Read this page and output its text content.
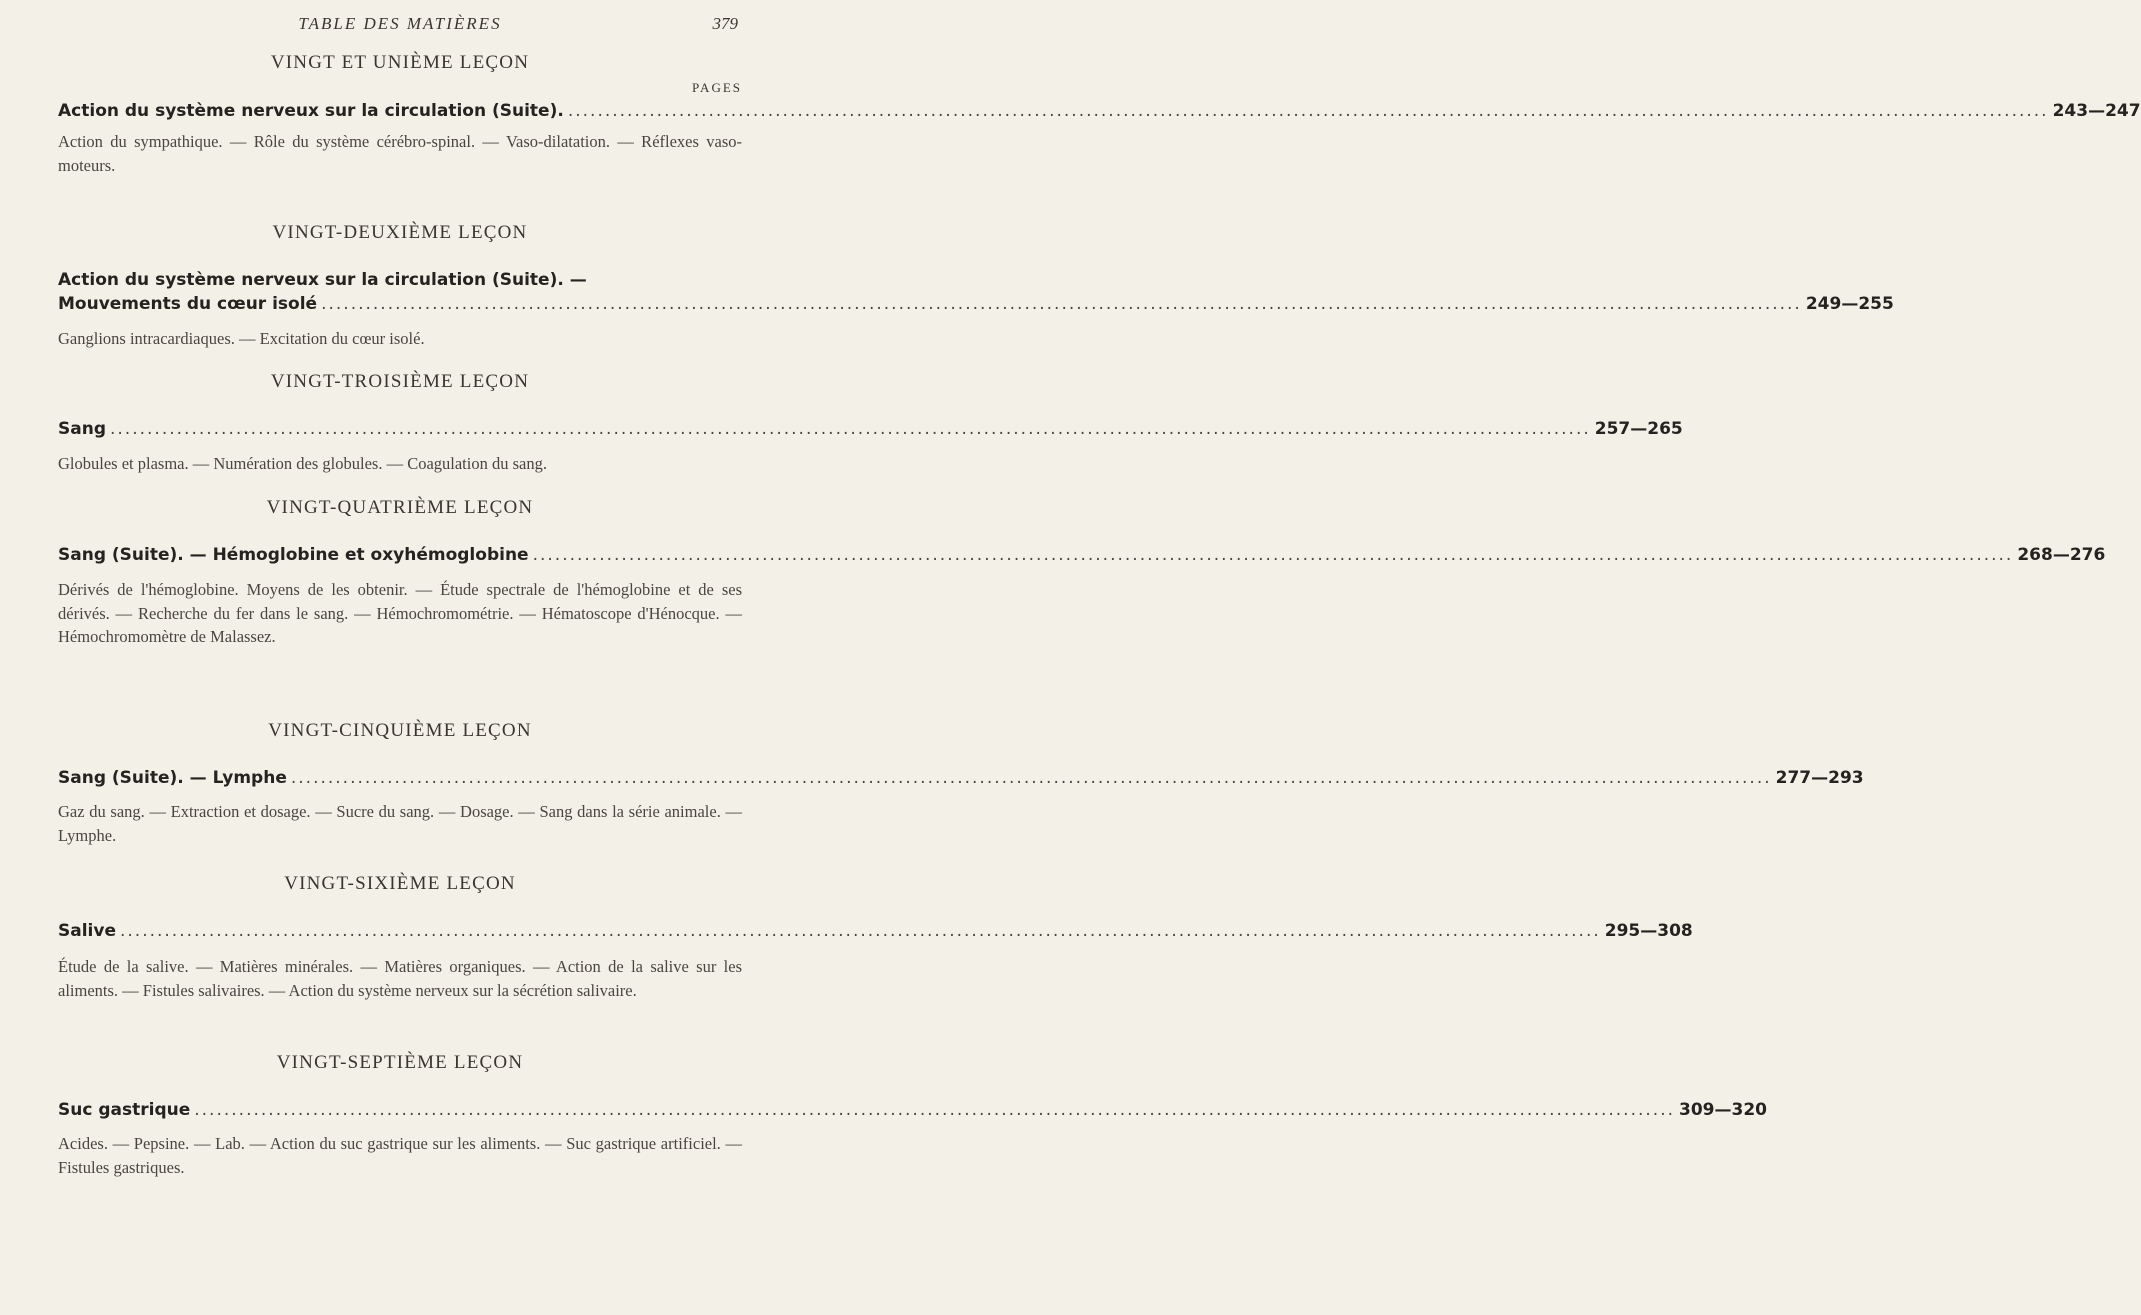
TABLE DES MATIÈRES	379
VINGT ET UNIÈME LEÇON
PAGES
Action du système nerveux sur la circulation (Suite). ........................................................................................................................................................................................................ 243—247
Action du sympathique. — Rôle du système cérébro-spinal. — Vaso-dilatation. — Réflexes vaso-moteurs.
VINGT-DEUXIÈME LEÇON
Action du système nerveux sur la circulation (Suite). —
Mouvements du cœur isolé ........................................................................................................................................................................................................ 249—255
Ganglions intracardiaques. — Excitation du cœur isolé.
VINGT-TROISIÈME LEÇON
Sang ........................................................................................................................................................................................................ 257—265
Globules et plasma. — Numération des globules. — Coagulation du sang.
VINGT-QUATRIÈME LEÇON
Sang (Suite). — Hémoglobine et oxyhémoglobine ........................................................................................................................................................................................................ 268—276
Dérivés de l'hémoglobine. Moyens de les obtenir. — Étude spectrale de l'hémoglobine et de ses dérivés. — Recherche du fer dans le sang. — Hémochromométrie. — Hématoscope d'Hénocque. — Hémochromomètre de Malassez.
VINGT-CINQUIÈME LEÇON
Sang (Suite). — Lymphe ........................................................................................................................................................................................................ 277—293
Gaz du sang. — Extraction et dosage. — Sucre du sang. — Dosage. — Sang dans la série animale. — Lymphe.
VINGT-SIXIÈME LEÇON
Salive ........................................................................................................................................................................................................ 295—308
Étude de la salive. — Matières minérales. — Matières organiques. — Action de la salive sur les aliments. — Fistules salivaires. — Action du système nerveux sur la sécrétion salivaire.
VINGT-SEPTIÈME LEÇON
Suc gastrique ........................................................................................................................................................................................................ 309—320
Acides. — Pepsine. — Lab. — Action du suc gastrique sur les aliments. — Suc gastrique artificiel. — Fistules gastriques.
